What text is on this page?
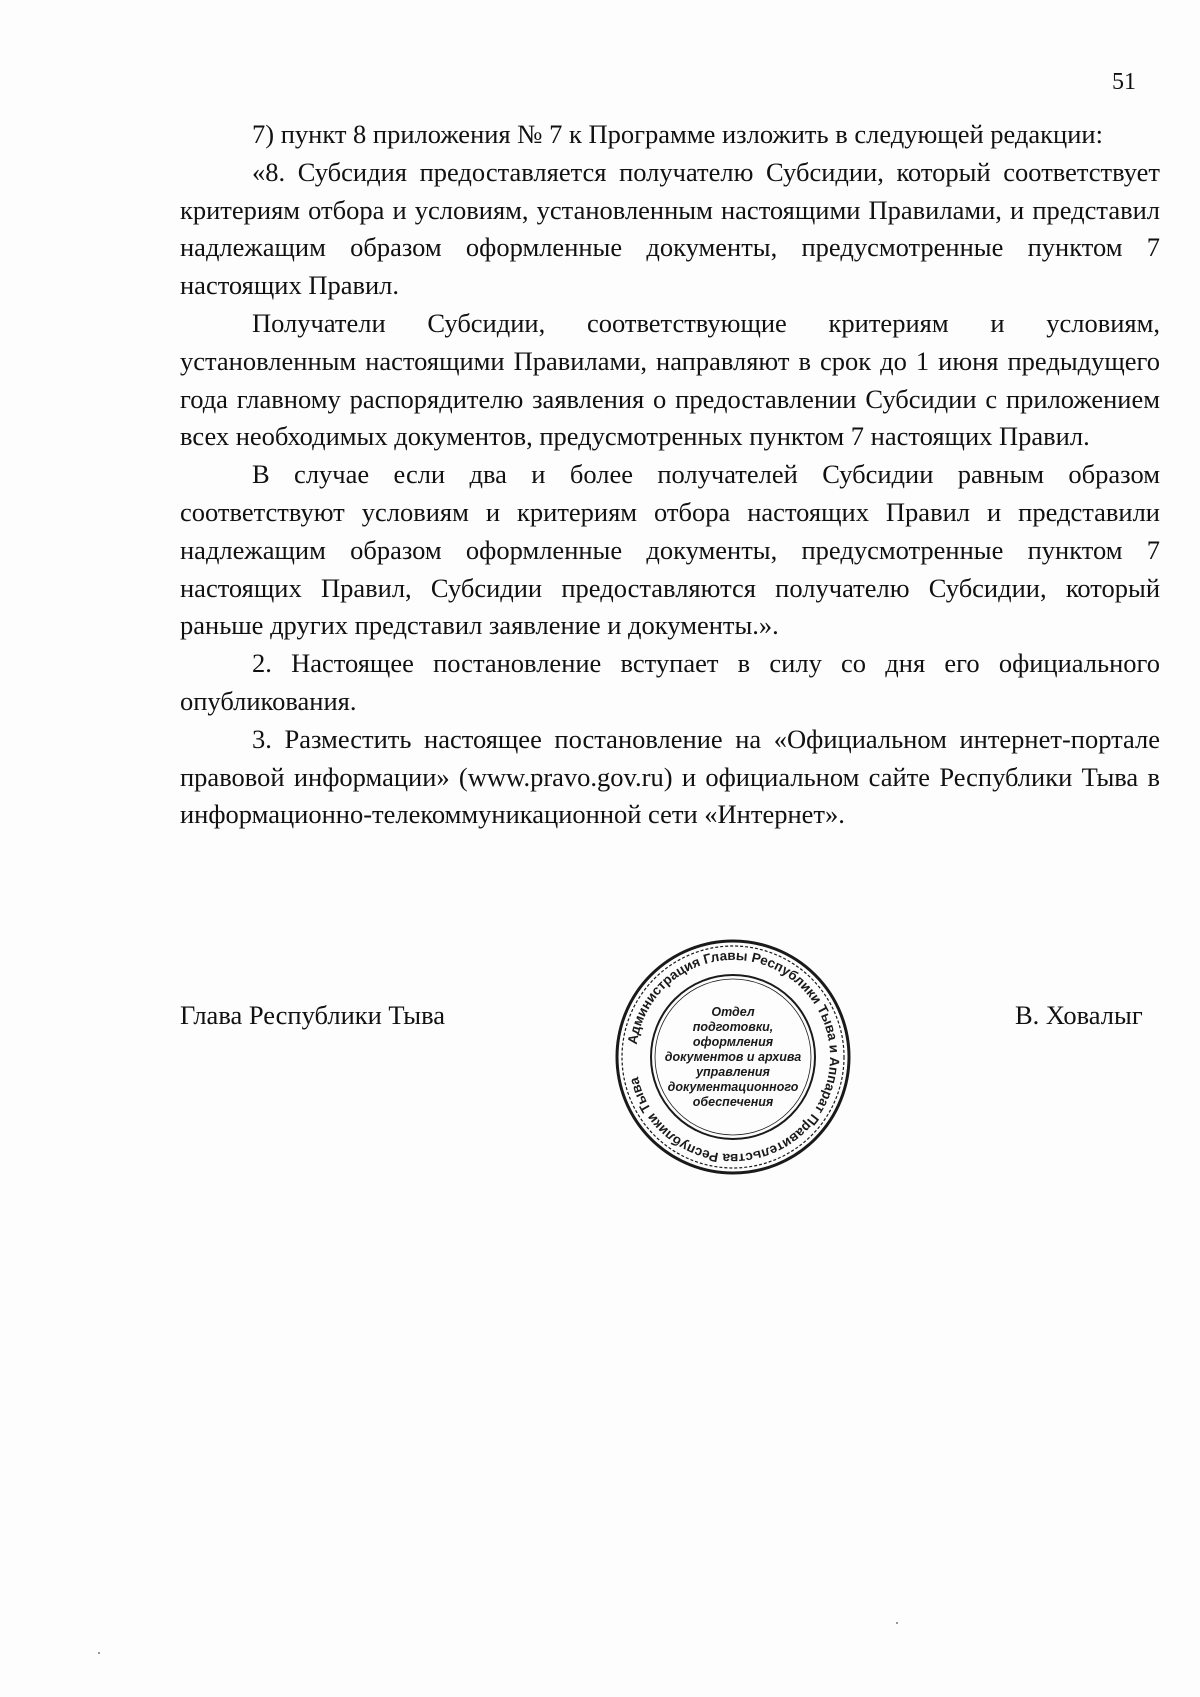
51

7) пункт 8 приложения № 7 к Программе изложить в следующей редакции:

«8. Субсидия предоставляется получателю Субсидии, который соответствует критериям отбора и условиям, установленным настоящими Правилами, и представил надлежащим образом оформленные документы, предусмотренные пунктом 7 настоящих Правил.

Получатели Субсидии, соответствующие критериям и условиям, установленным настоящими Правилами, направляют в срок до 1 июня предыдущего года главному распорядителю заявления о предоставлении Субсидии с приложением всех необходимых документов, предусмотренных пунктом 7 настоящих Правил.

В случае если два и более получателей Субсидии равным образом соответствуют условиям и критериям отбора настоящих Правил и представили надлежащим образом оформленные документы, предусмотренные пунктом 7 настоящих Правил, Субсидии предоставляются получателю Субсидии, который раньше других представил заявление и документы.».

2. Настоящее постановление вступает в силу со дня его официального опубликования.

3. Разместить настоящее постановление на «Официальном интернет-портале правовой информации» (www.pravo.gov.ru) и официальном сайте Республики Тыва в информационно-телекоммуникационной сети «Интернет».

Глава Республики Тыва
Администрация Главы Республики Тыва и Аппарат Правительства Республики Тыва
Отдел
подготовки,
оформления
документов и архива
управления
документационного
обеспечения
В. Ховалыг
